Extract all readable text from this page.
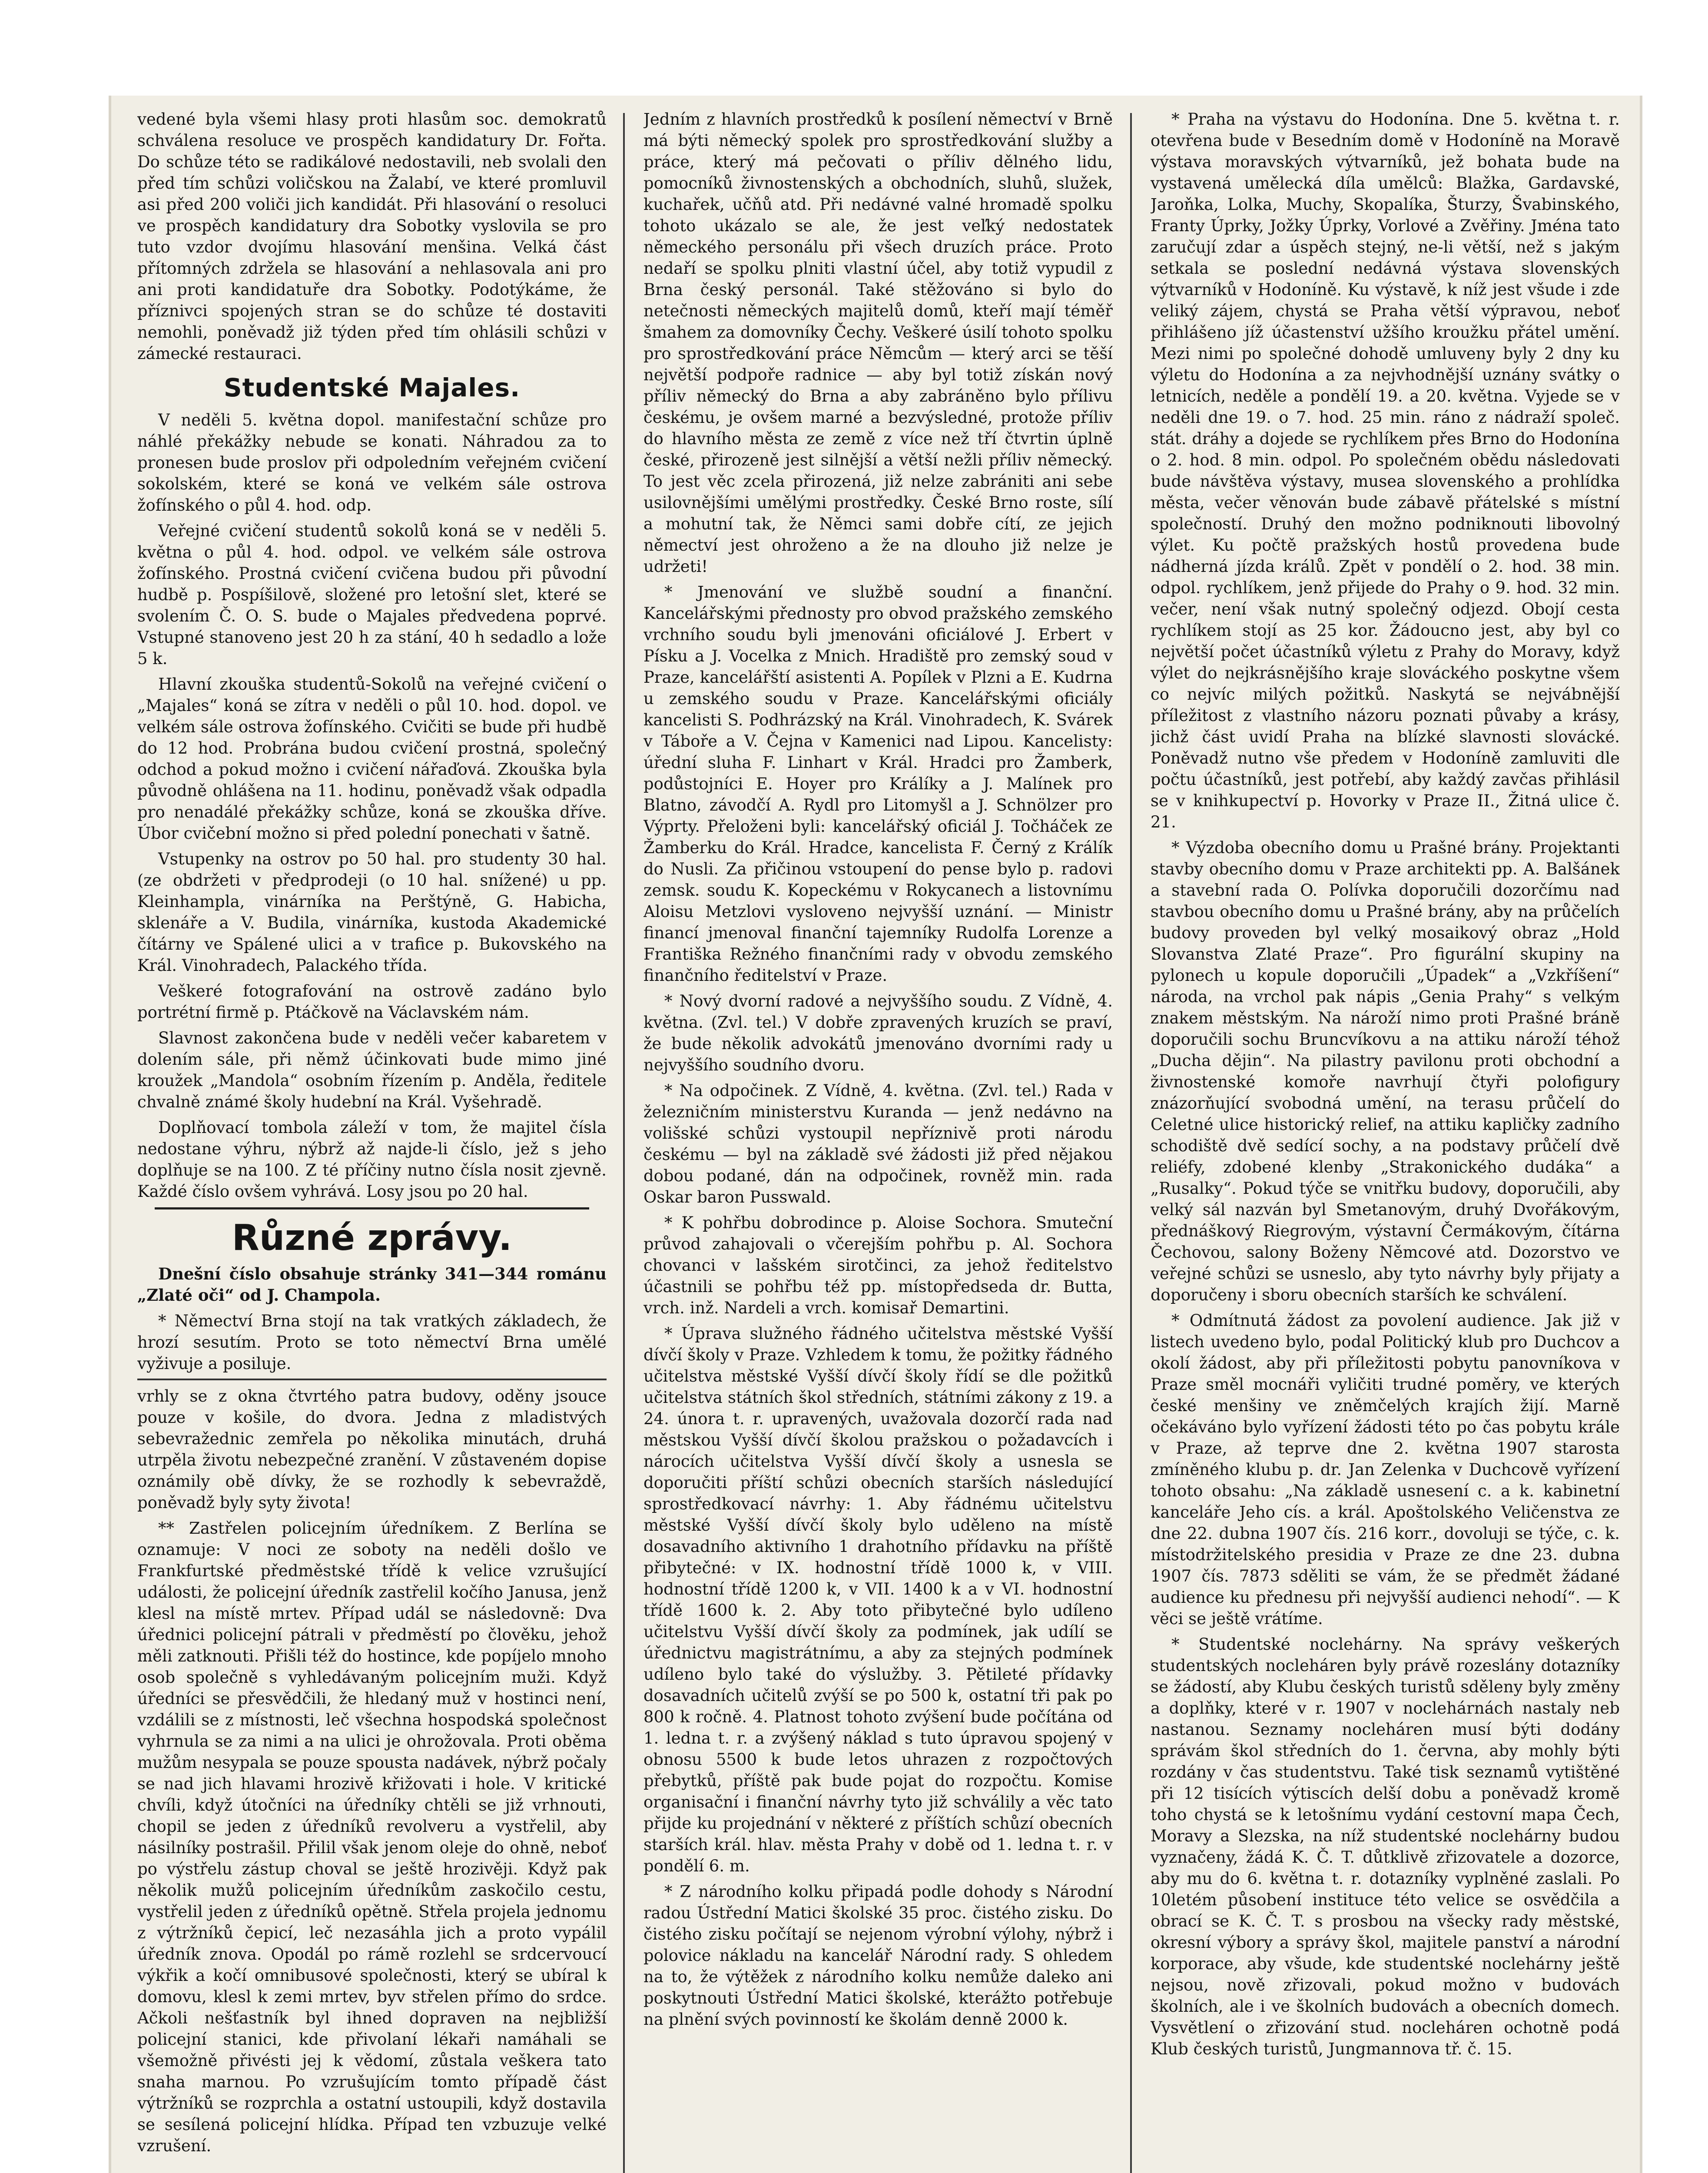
vedené byla všemi hlasy proti hlasům soc. demokratů schválena resoluce ve prospěch kandidatury Dr. Fořta. Do schůze této se radikálové nedostavili, neb svolali den před tím schůzi voličskou na Žalabí, ve které promluvil asi před 200 voliči jich kandidát. Při hlasování o resoluci ve prospěch kandidatury dra Sobotky vyslovila se pro tuto vzdor dvojímu hlasování menšina. Velká část přítomných zdržela se hlasování a nehlasovala ani pro ani proti kandidatuře dra Sobotky. Podotýkáme, že příznivci spojených stran se do schůze té dostaviti nemohli, poněvadž již týden před tím ohlásili schůzi v zámecké restauraci.

Studentské Majales.

V neděli 5. května dopol. manifestační schůze pro náhlé překážky nebude se konati. Náhradou za to pronesen bude proslov při odpoledním veřejném cvičení sokolském, které se koná ve velkém sále ostrova žofínského o půl 4. hod. odp.

Veřejné cvičení studentů sokolů koná se v neděli 5. května o půl 4. hod. odpol. ve velkém sále ostrova žofínského. Prostná cvičení cvičena budou při původní hudbě p. Pospíšilově, složené pro letošní slet, které se svolením Č. O. S. bude o Majales předvedena poprvé. Vstupné stanoveno jest 20 h za stání, 40 h sedadlo a lože 5 k.

Hlavní zkouška studentů-Sokolů na veřejné cvičení o „Majales“ koná se zítra v neděli o půl 10. hod. dopol. ve velkém sále ostrova žofínského. Cvičiti se bude při hudbě do 12 hod. Probrána budou cvičení prostná, společný odchod a pokud možno i cvičení nářaďová. Zkouška byla původně ohlášena na 11. hodinu, poněvadž však odpadla pro nenadálé překážky schůze, koná se zkouška dříve. Úbor cvičební možno si před polední ponechati v šatně.

Vstupenky na ostrov po 50 hal. pro studenty 30 hal. (ze obdržeti v předprodeji (o 10 hal. snížené) u pp. Kleinhampla, vinárníka na Perštýně, G. Habicha, sklenáře a V. Budila, vinárníka, kustoda Akademické čítárny ve Spálené ulici a v trafice p. Bukovského na Král. Vinohradech, Palackého třída.

Veškeré fotografování na ostrově zadáno bylo portrétní firmě p. Ptáčkově na Václavském nám.

Slavnost zakončena bude v neděli večer kabaretem v dolením sále, při němž účinkovati bude mimo jiné kroužek „Mandola“ osobním řízením p. Anděla, ředitele chvalně známé školy hudební na Král. Vyšehradě.

Doplňovací tombola záleží v tom, že majitel čísla nedostane výhru, nýbrž až najde-li číslo, jež s jeho doplňuje se na 100. Z té příčiny nutno čísla nosit zjevně. Každé číslo ovšem vyhrává. Losy jsou po 20 hal.

Různé zprávy.

Dnešní číslo obsahuje stránky 341—344 románu „Zlaté oči“ od J. Champola.

* Němectví Brna stojí na tak vratkých základech, že hrozí sesutím. Proto se toto němectví Brna umělé vyživuje a posiluje.

vrhly se z okna čtvrtého patra budovy, oděny jsouce pouze v košile, do dvora. Jedna z mladistvých sebevražednic zemřela po několika minutách, druhá utrpěla životu nebezpečné zranění. V zůstaveném dopise oznámily obě dívky, že se rozhodly k sebevraždě, poněvadž byly syty života!

** Zastřelen policejním úředníkem. Z Berlína se oznamuje: V noci ze soboty na neděli došlo ve Frankfurtské předměstské třídě k velice vzrušující události, že policejní úředník zastřelil kočího Janusa, jenž klesl na místě mrtev. Případ udál se následovně: Dva úřednici policejní pátrali v předměstí po člověku, jehož měli zatknouti. Přišli též do hostince, kde popíjelo mnoho osob společně s vyhledávaným policejním muži. Když úředníci se přesvědčili, že hledaný muž v hostinci není, vzdálili se z místnosti, leč všechna hospodská společnost vyhrnula se za nimi a na ulici je ohrožovala. Proti oběma mužům nesypala se pouze spousta nadávek, nýbrž počaly se nad jich hlavami hrozivě křižovati i hole. V kritické chvíli, když útočníci na úředníky chtěli se již vrhnouti, chopil se jeden z úředníků revolveru a vystřelil, aby násilníky postrašil. Přilil však jenom oleje do ohně, neboť po výstřelu zástup choval se ještě hrozivěji. Když pak několik mužů policejním úředníkům zaskočilo cestu, vystřelil jeden z úředníků opětně. Střela projela jednomu z výtržníků čepicí, leč nezasáhla jich a proto vypálil úředník znova. Opodál po rámě rozlehl se srdcervoucí výkřik a kočí omnibusové společnosti, který se ubíral k domovu, klesl k zemi mrtev, byv střelen přímo do srdce. Ačkoli nešťastník byl ihned dopraven na nejbližší policejní stanici, kde přivolaní lékaři namáhali se všemožně přivésti jej k vědomí, zůstala veškera tato snaha marnou. Po vzrušujícím tomto případě část výtržníků se rozprchla a ostatní ustoupili, když dostavila se sesílená policejní hlídka. Případ ten vzbuzuje velké vzrušení.

Jedním z hlavních prostředků k posílení němectví v Brně má býti německý spolek pro sprostředkování služby a práce, který má pečovati o příliv dělného lidu, pomocníků živnostenských a obchodních, sluhů, služek, kuchařek, učňů atd. Při nedávné valné hromadě spolku tohoto ukázalo se ale, že jest veľký nedostatek německého personálu při všech druzích práce. Proto nedaří se spolku plniti vlastní účel, aby totiž vypudil z Brna český personál. Také stěžováno si bylo do netečnosti německých majitelů domů, kteří mají téměř šmahem za domovníky Čechy. Veškeré úsilí tohoto spolku pro sprostředkování práce Němcům — který arci se těší největší podpoře radnice — aby byl totiž získán nový příliv německý do Brna a aby zabráněno bylo přílivu českému, je ovšem marné a bezvýsledné, protože příliv do hlavního města ze země z více než tří čtvrtin úplně české, přirozeně jest silnější a větší nežli příliv německý. To jest věc zcela přirozená, již nelze zabrániti ani sebe usilovnějšími umělými prostředky. České Brno roste, sílí a mohutní tak, že Němci sami dobře cítí, ze jejich němectví jest ohroženo a že na dlouho již nelze je udržeti!

* Jmenování ve službě soudní a finanční. Kancelářskými přednosty pro obvod pražského zemského vrchního soudu byli jmenováni oficiálové J. Erbert v Písku a J. Vocelka z Mnich. Hradiště pro zemský soud v Praze, kancelářští asistenti A. Popílek v Plzni a E. Kudrna u zemského soudu v Praze. Kancelářskými oficiály kancelisti S. Podhrázský na Král. Vinohradech, K. Svárek v Táboře a V. Čejna v Kamenici nad Lipou. Kancelisty: úřední sluha F. Linhart v Král. Hradci pro Žamberk, podůstojníci E. Hoyer pro Králíky a J. Malínek pro Blatno, závodčí A. Rydl pro Litomyšl a J. Schnölzer pro Výprty. Přeloženi byli: kancelářský oficiál J. Točháček ze Žamberku do Král. Hradce, kancelista F. Černý z Králík do Nusli. Za přičinou vstoupení do pense bylo p. radovi zemsk. soudu K. Kopeckému v Rokycanech a listovnímu Aloisu Metzlovi vysloveno nejvyšší uznání. — Ministr financí jmenoval finanční tajemníky Rudolfa Lorenze a Františka Režného finančními rady v obvodu zemského finančního ředitelství v Praze.

* Nový dvorní radové a nejvyššího soudu. Z Vídně, 4. května. (Zvl. tel.) V dobře zpravených kruzích se praví, že bude několik advokátů jmenováno dvorními rady u nejvyššího soudního dvoru.

* Na odpočinek. Z Vídně, 4. května. (Zvl. tel.) Rada v železničním ministerstvu Kuranda — jenž nedávno na volišské schůzi vystoupil nepříznivě proti národu českému — byl na základě své žádosti již před nějakou dobou podané, dán na odpočinek, rovněž min. rada Oskar baron Pusswald.

* K pohřbu dobrodince p. Aloise Sochora. Smuteční průvod zahajovali o včerejším pohřbu p. Al. Sochora chovanci v lašském sirotčinci, za jehož ředitelstvo účastnili se pohřbu též pp. místopředseda dr. Butta, vrch. inž. Nardeli a vrch. komisař Demartini.

* Úprava služného řádného učitelstva městské Vyšší dívčí školy v Praze. Vzhledem k tomu, že požitky řádného učitelstva městské Vyšší dívčí školy řídí se dle požitků učitelstva státních škol středních, státními zákony z 19. a 24. února t. r. upravených, uvažovala dozorčí rada nad městskou Vyšší dívčí školou pražskou o požadavcích i nárocích učitelstva Vyšší dívčí školy a usnesla se doporučiti příští schůzi obecních starších následující sprostředkovací návrhy: 1. Aby řádnému učitelstvu městské Vyšší dívčí školy bylo uděleno na místě dosavadního aktivního 1 drahotního přídavku na příště přibytečné: v IX. hodnostní třídě 1000 k, v VIII. hodnostní třídě 1200 k, v VII. 1400 k a v VI. hodnostní třídě 1600 k. 2. Aby toto přibytečné bylo udíleno učitelstvu Vyšší dívčí školy za podmínek, jak udílí se úřednictvu magistrátnímu, a aby za stejných podmínek udíleno bylo také do výslužby. 3. Pětileté přídavky dosavadních učitelů zvýší se po 500 k, ostatní tři pak po 800 k ročně. 4. Platnost tohoto zvýšení bude počítána od 1. ledna t. r. a zvýšený náklad s tuto úpravou spojený v obnosu 5500 k bude letos uhrazen z rozpočtových přebytků, příště pak bude pojat do rozpočtu. Komise organisační i finanční návrhy tyto již schválily a věc tato přijde ku projednání v některé z příštích schůzí obecních starších král. hlav. města Prahy v době od 1. ledna t. r. v pondělí 6. m.

* Z národního kolku připadá podle dohody s Národní radou Ústřední Matici školské 35 proc. čistého zisku. Do čistého zisku počítají se nejenom výrobní výlohy, nýbrž i polovice nákladu na kancelář Národní rady. S ohledem na to, že výtěžek z národního kolku nemůže daleko ani poskytnouti Ústřední Matici školské, kterážto potřebuje na plnění svých povinností ke školám denně 2000 k.

* Praha na výstavu do Hodonína. Dne 5. května t. r. otevřena bude v Besedním domě v Hodoníně na Moravě výstava moravských výtvarníků, jež bohata bude na vystavená umělecká díla umělců: Blažka, Gardavské, Jaroňka, Lolka, Muchy, Skopalíka, Šturzy, Švabinského, Franty Úprky, Jožky Úprky, Vorlové a Zvěřiny. Jména tato zaručují zdar a úspěch stejný, ne-li větší, než s jakým setkala se poslední nedávná výstava slovenských výtvarníků v Hodoníně. Ku výstavě, k níž jest všude i zde veliký zájem, chystá se Praha větší výpravou, neboť přihlášeno jíž účastenství užšího kroužku přátel umění. Mezi nimi po společné dohodě umluveny byly 2 dny ku výletu do Hodonína a za nejvhodnější uznány svátky o letnicích, neděle a pondělí 19. a 20. května. Vyjede se v neděli dne 19. o 7. hod. 25 min. ráno z nádraží společ. stát. dráhy a dojede se rychlíkem přes Brno do Hodonína o 2. hod. 8 min. odpol. Po společném obědu následovati bude návštěva výstavy, musea slovenského a prohlídka města, večer věnován bude zábavě přátelské s místní společností. Druhý den možno podniknouti libovolný výlet. Ku počtě pražských hostů provedena bude nádherná jízda králů. Zpět v pondělí o 2. hod. 38 min. odpol. rychlíkem, jenž přijede do Prahy o 9. hod. 32 min. večer, není však nutný společný odjezd. Obojí cesta rychlíkem stojí as 25 kor. Žádoucno jest, aby byl co největší počet účastníků výletu z Prahy do Moravy, když výlet do nejkrásnějšího kraje slováckého poskytne všem co nejvíc milých požitků. Naskytá se nejvábnější příležitost z vlastního názoru poznati půvaby a krásy, jichž část uvidí Praha na blízké slavnosti slovácké. Poněvadž nutno vše předem v Hodoníně zamluviti dle počtu účastníků, jest potřebí, aby každý zavčas přihlásil se v knihkupectví p. Hovorky v Praze II., Žitná ulice č. 21.

* Výzdoba obecního domu u Prašné brány. Projektanti stavby obecního domu v Praze architekti pp. A. Balšánek a stavební rada O. Polívka doporučili dozorčímu nad stavbou obecního domu u Prašné brány, aby na průčelích budovy proveden byl velký mosaikový obraz „Hold Slovanstva Zlaté Praze“. Pro figurální skupiny na pylonech u kopule doporučili „Úpadek“ a „Vzkříšení“ národa, na vrchol pak nápis „Genia Prahy“ s velkým znakem městským. Na nároží nimo proti Prašné bráně doporučili sochu Bruncvíkovu a na attiku nároží téhož „Ducha dějin“. Na pilastry pavilonu proti obchodní a živnostenské komoře navrhují čtyři polofigury znázorňující svobodná umění, na terasu průčelí do Celetné ulice historický relief, na attiku kapličky zadního schodiště dvě sedící sochy, a na podstavy průčelí dvě reliéfy, zdobené klenby „Strakonického dudáka“ a „Rusalky“. Pokud týče se vnitřku budovy, doporučili, aby velký sál nazván byl Smetanovým, druhý Dvořákovým, přednáškový Riegrovým, výstavní Čermákovým, čítárna Čechovou, salony Boženy Němcové atd. Dozorstvo ve veřejné schůzi se usneslo, aby tyto návrhy byly přijaty a doporučeny i sboru obecních starších ke schválení.

* Odmítnutá žádost za povolení audience. Jak již v listech uvedeno bylo, podal Politický klub pro Duchcov a okolí žádost, aby při příležitosti pobytu panovníkova v Praze směl mocnáři vyličiti trudné poměry, ve kterých české menšiny ve zněmčelých krajích žijí. Marně očekáváno bylo vyřízení žádosti této po čas pobytu krále v Praze, až teprve dne 2. května 1907 starosta zmíněného klubu p. dr. Jan Zelenka v Duchcově vyřízení tohoto obsahu: „Na základě usnesení c. a k. kabinetní kanceláře Jeho cís. a král. Apoštolského Veličenstva ze dne 22. dubna 1907 čís. 216 korr., dovoluji se týče, c. k. místodržitelského presidia v Praze ze dne 23. dubna 1907 čís. 7873 sděliti se vám, že se předmět žádané audience ku přednesu při nejvyšší audienci nehodí“. — K věci se ještě vrátíme.

* Studentské noclehárny. Na správy veškerých studentských nocleháren byly právě rozeslány dotazníky se žádostí, aby Klubu českých turistů sděleny byly změny a doplňky, které v r. 1907 v noclehárnách nastaly neb nastanou. Seznamy nocleháren musí býti dodány správám škol středních do 1. června, aby mohly býti rozdány v čas studentstvu. Také tisk seznamů vytištěné při 12 tisících výtiscích delší dobu a poněvadž kromě toho chystá se k letošnímu vydání cestovní mapa Čech, Moravy a Slezska, na níž studentské noclehárny budou vyznačeny, žádá K. Č. T. důtklivě zřizovatele a dozorce, aby mu do 6. května t. r. dotazníky vyplněné zaslali. Po 10letém působení instituce této velice se osvědčila a obrací se K. Č. T. s prosbou na všecky rady městské, okresní výbory a správy škol, majitele panství a národní korporace, aby všude, kde studentské noclehárny ještě nejsou, nově zřizovali, pokud možno v budovách školních, ale i ve školních budovách a obecních domech. Vysvětlení o zřizování stud. nocleháren ochotně podá Klub českých turistů, Jungmannova tř. č. 15.
